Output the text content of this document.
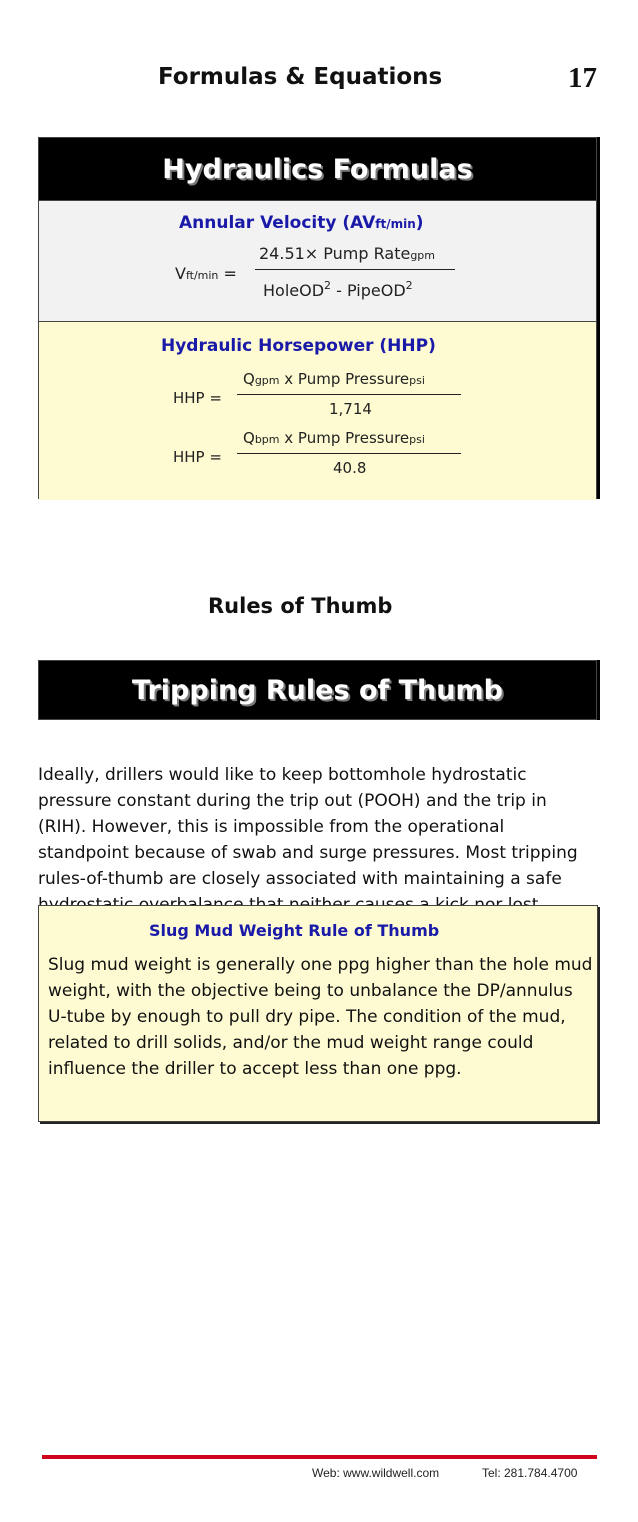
Formulas & Equations	17
Hydraulics Formulas
Annular Velocity (AVft/min)
Vft/min =
24.51× Pump Rategpm
HoleOD$^2$ - PipeOD$^2$
Hydraulic Horsepower (HHP)
HHP =
Qgpm x Pump Pressurepsi
1,714
HHP =
Qbpm x Pump Pressurepsi
40.8
Rules of Thumb
Tripping Rules of Thumb
Ideally, drillers would like to keep bottomhole hydrostatic pressure constant during the trip out (POOH) and the trip in (RIH). However, this is impossible from the operational standpoint because of swab and surge pressures. Most tripping rules-of-thumb are closely associated with maintaining a safe
Slug Mud Weight Rule of Thumb
Slug mud weight is generally one ppg higher than the hole mud weight, with the objective being to unbalance the DP/annulus U-tube by enough to pull dry pipe. The condition of the mud, related to drill solids, and/or the mud weight range could influence the driller to accept less than one ppg.
Web: www.wildwell.com	Tel: 281.784.4700
